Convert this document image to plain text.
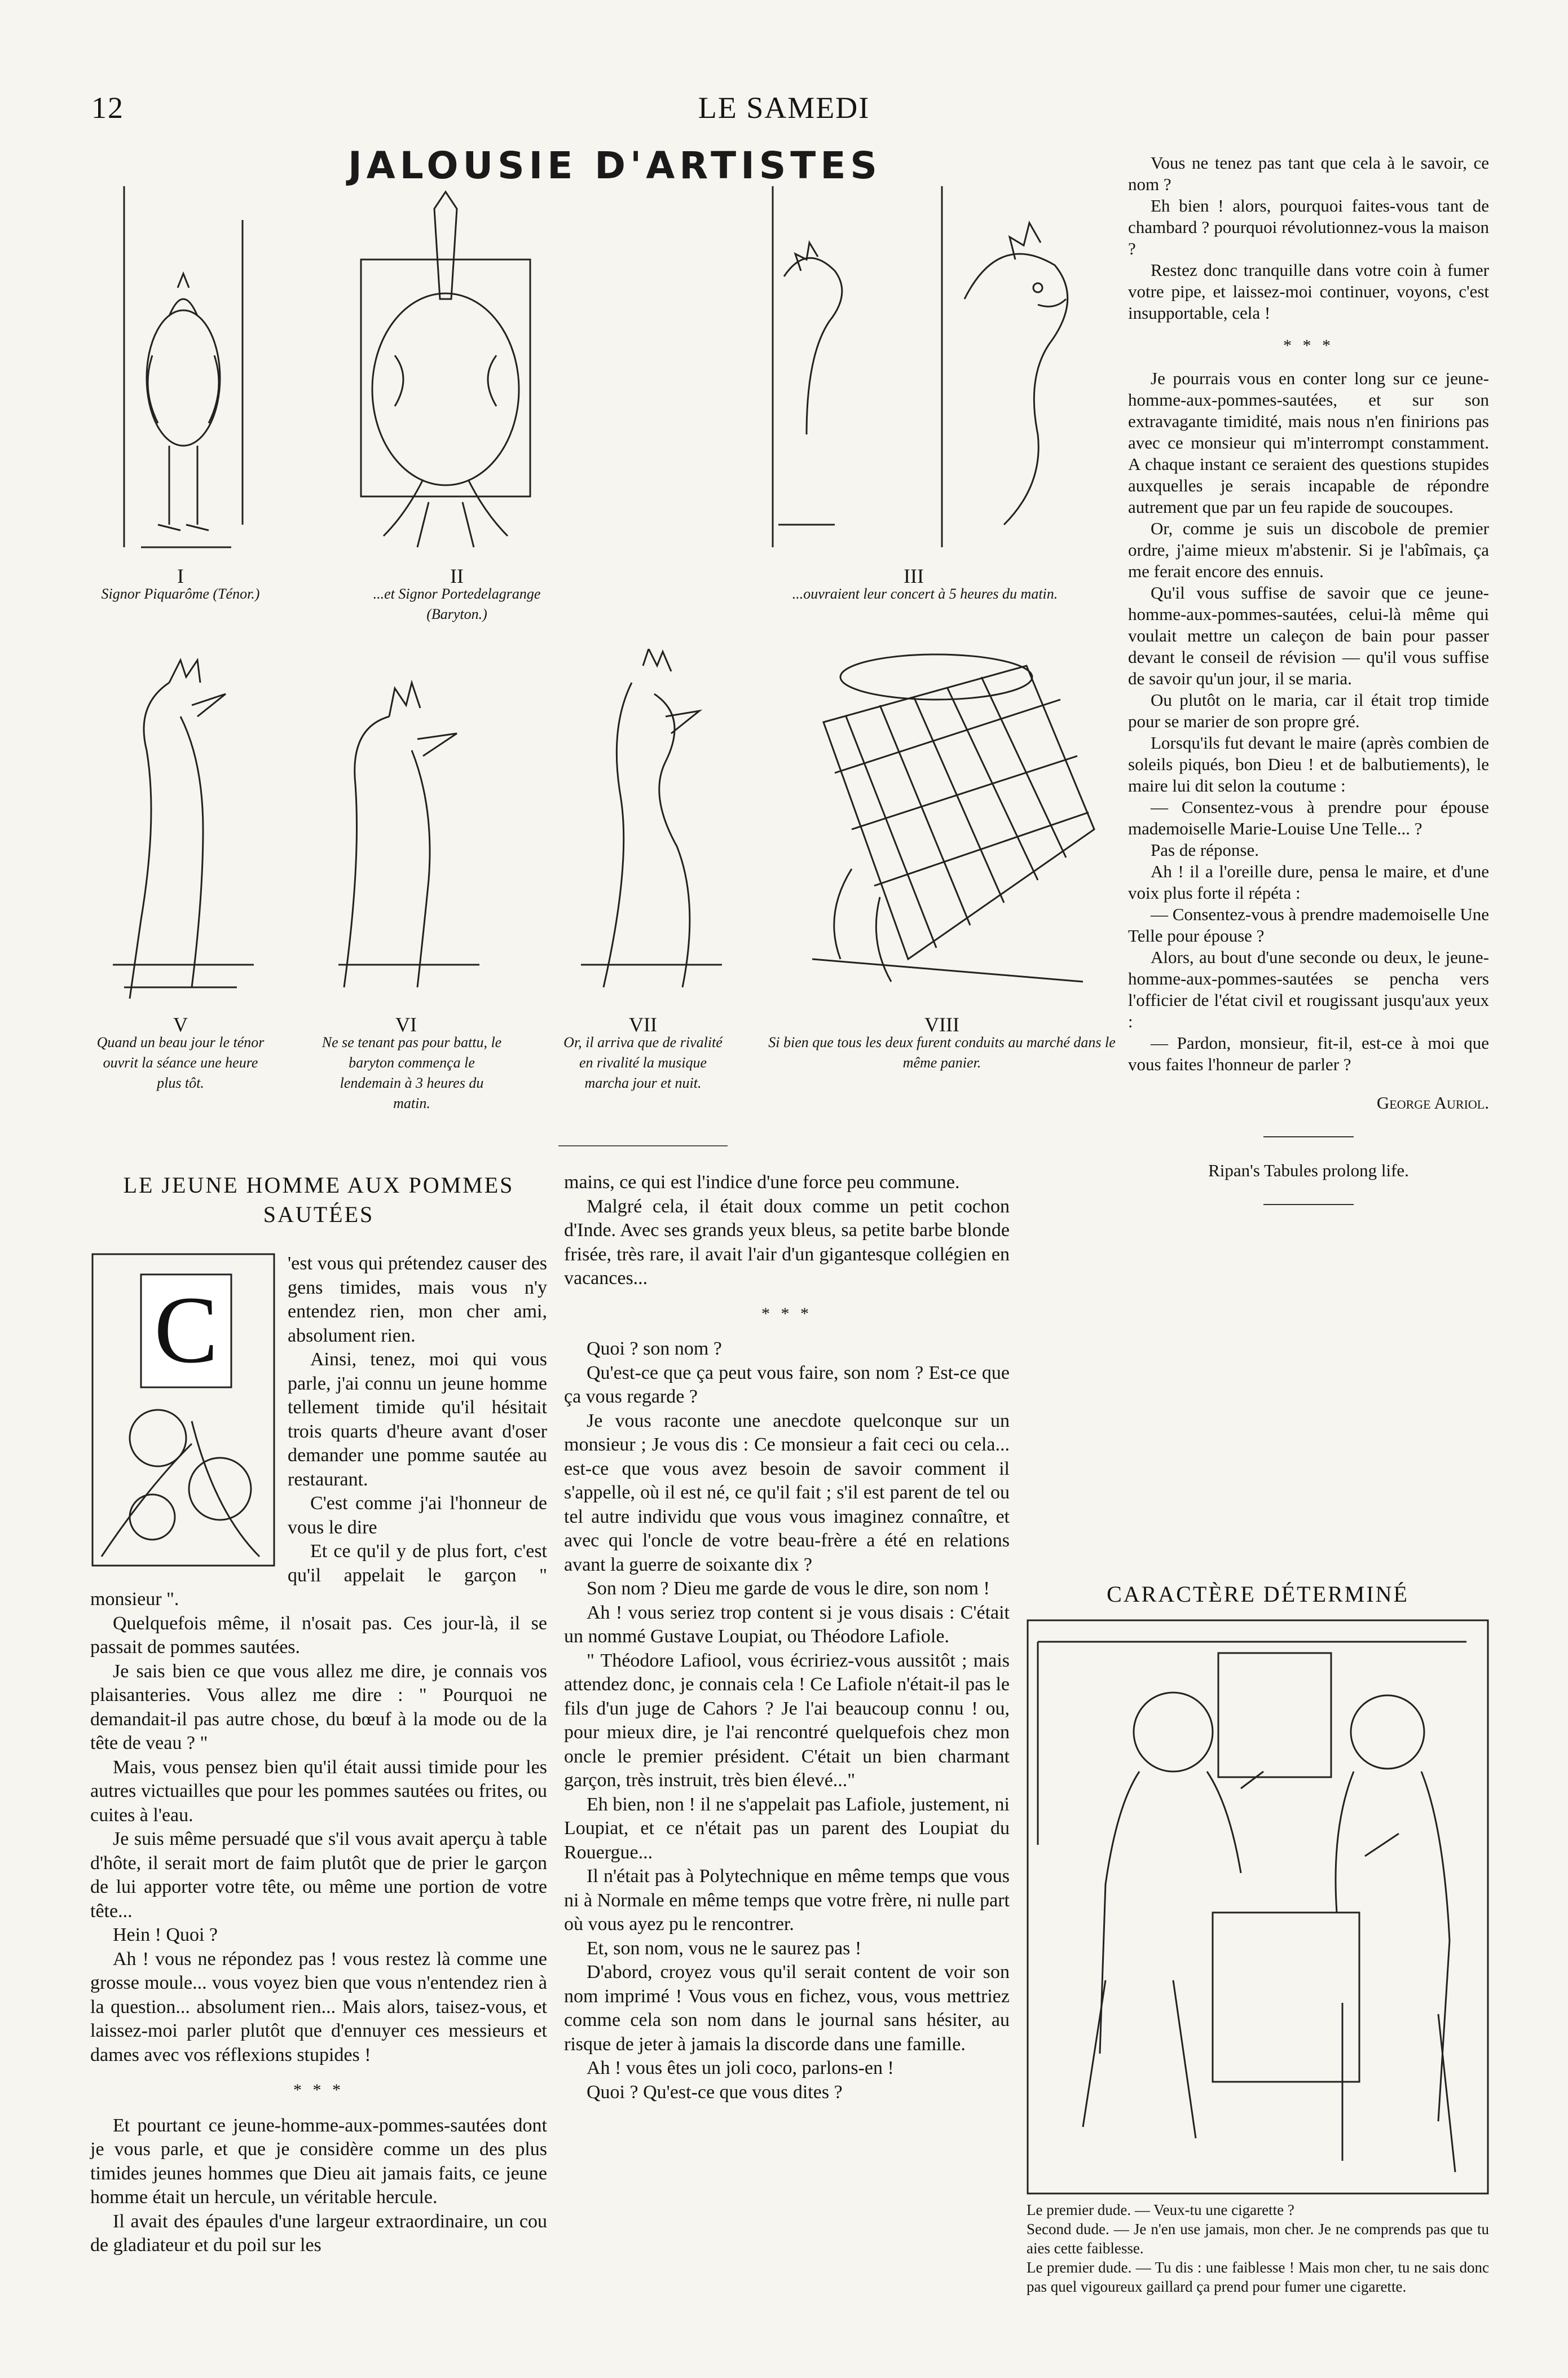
12	LE SAMEDI
JALOUSIE D'ARTISTES
I
Signor Piquarôme (Ténor.)
II
...et Signor Portedelagrange (Baryton.)
III
...ouvraient leur concert à 5 heures du matin.
V
Quand un beau jour le ténor ouvrit la séance une heure plus tôt.
VI
Ne se tenant pas pour battu, le baryton commença le lendemain à 3 heures du matin.
VII
Or, il arriva que de rivalité en rivalité la musique marcha jour et nuit.
VIII
Si bien que tous les deux furent conduits au marché dans le même panier.
LE JEUNE HOMME AUX POMMES
SAUTÉES
C

'est vous qui prétendez causer des gens timides, mais vous n'y entendez rien, mon cher ami, absolument rien.

Ainsi, tenez, moi qui vous parle, j'ai connu un jeune homme tellement timide qu'il hésitait trois quarts d'heure avant d'oser demander une pomme sautée au restaurant.

C'est comme j'ai l'honneur de vous le dire

Et ce qu'il y de plus fort, c'est qu'il appelait le garçon " monsieur ".

Quelquefois même, il n'osait pas. Ces jour-là, il se passait de pommes sautées.

Je sais bien ce que vous allez me dire, je connais vos plaisanteries. Vous allez me dire : " Pourquoi ne demandait-il pas autre chose, du bœuf à la mode ou de la tête de veau ? "

Mais, vous pensez bien qu'il était aussi timide pour les autres victuailles que pour les pommes sautées ou frites, ou cuites à l'eau.

Je suis même persuadé que s'il vous avait aperçu à table d'hôte, il serait mort de faim plutôt que de prier le garçon de lui apporter votre tête, ou même une portion de votre tête...

Hein ! Quoi ?

Ah ! vous ne répondez pas ! vous restez là comme une grosse moule... vous voyez bien que vous n'entendez rien à la question... absolument rien... Mais alors, taisez-vous, et laissez-moi parler plutôt que d'ennuyer ces messieurs et dames avec vos réflexions stupides !

* * *

Et pourtant ce jeune-homme-aux-pommes-sautées dont je vous parle, et que je considère comme un des plus timides jeunes hommes que Dieu ait jamais faits, ce jeune homme était un hercule, un véritable hercule.

Il avait des épaules d'une largeur extraordinaire, un cou de gladiateur et du poil sur les

mains, ce qui est l'indice d'une force peu commune.

Malgré cela, il était doux comme un petit cochon d'Inde. Avec ses grands yeux bleus, sa petite barbe blonde frisée, très rare, il avait l'air d'un gigantesque collégien en vacances...

* * *

Quoi ? son nom ?

Qu'est-ce que ça peut vous faire, son nom ? Est-ce que ça vous regarde ?

Je vous raconte une anecdote quelconque sur un monsieur ; Je vous dis : Ce monsieur a fait ceci ou cela... est-ce que vous avez besoin de savoir comment il s'appelle, où il est né, ce qu'il fait ; s'il est parent de tel ou tel autre individu que vous vous imaginez connaître, et avec qui l'oncle de votre beau-frère a été en relations avant la guerre de soixante dix ?

Son nom ? Dieu me garde de vous le dire, son nom !

Ah ! vous seriez trop content si je vous disais : C'était un nommé Gustave Loupiat, ou Théodore Lafiole.

" Théodore Lafiool, vous écririez-vous aussitôt ; mais attendez donc, je connais cela ! Ce Lafiole n'était-il pas le fils d'un juge de Cahors ? Je l'ai beaucoup connu ! ou, pour mieux dire, je l'ai rencontré quelquefois chez mon oncle le premier président. C'était un bien charmant garçon, très instruit, très bien élevé..."

Eh bien, non ! il ne s'appelait pas Lafiole, justement, ni Loupiat, et ce n'était pas un parent des Loupiat du Rouergue...

Il n'était pas à Polytechnique en même temps que vous ni à Normale en même temps que votre frère, ni nulle part où vous ayez pu le rencontrer.

Et, son nom, vous ne le saurez pas !

D'abord, croyez vous qu'il serait content de voir son nom imprimé ! Vous vous en fichez, vous, vous mettriez comme cela son nom dans le journal sans hésiter, au risque de jeter à jamais la discorde dans une famille.

Ah ! vous êtes un joli coco, parlons-en !

Quoi ? Qu'est-ce que vous dites ?

Vous ne tenez pas tant que cela à le savoir, ce nom ?

Eh bien ! alors, pourquoi faites-vous tant de chambard ? pourquoi révolutionnez-vous la maison ?

Restez donc tranquille dans votre coin à fumer votre pipe, et laissez-moi continuer, voyons, c'est insupportable, cela !

* * *

Je pourrais vous en conter long sur ce jeune-homme-aux-pommes-sautées, et sur son extravagante timidité, mais nous n'en finirions pas avec ce monsieur qui m'interrompt constamment. A chaque instant ce seraient des questions stupides auxquelles je serais incapable de répondre autrement que par un feu rapide de soucoupes.

Or, comme je suis un discobole de premier ordre, j'aime mieux m'abstenir. Si je l'abîmais, ça me ferait encore des ennuis.

Qu'il vous suffise de savoir que ce jeune-homme-aux-pommes-sautées, celui-là même qui voulait mettre un caleçon de bain pour passer devant le conseil de révision — qu'il vous suffise de savoir qu'un jour, il se maria.

Ou plutôt on le maria, car il était trop timide pour se marier de son propre gré.

Lorsqu'ils fut devant le maire (après combien de soleils piqués, bon Dieu ! et de balbutiements), le maire lui dit selon la coutume :

— Consentez-vous à prendre pour épouse mademoiselle Marie-Louise Une Telle... ?

Pas de réponse.

Ah ! il a l'oreille dure, pensa le maire, et d'une voix plus forte il répéta :

— Consentez-vous à prendre mademoiselle Une Telle pour épouse ?

Alors, au bout d'une seconde ou deux, le jeune-homme-aux-pommes-sautées se pencha vers l'officier de l'état civil et rougissant jusqu'aux yeux :

— Pardon, monsieur, fit-il, est-ce à moi que vous faites l'honneur de parler ?

George Auriol.

Ripan's Tabules prolong life.

CARACTÈRE DÉTERMINÉ
Le premier dude. — Veux-tu une cigarette ?
Second dude. — Je n'en use jamais, mon cher. Je ne comprends pas que tu aies cette faiblesse.
Le premier dude. — Tu dis : une faiblesse ! Mais mon cher, tu ne sais donc pas quel vigoureux gaillard ça prend pour fumer une cigarette.
